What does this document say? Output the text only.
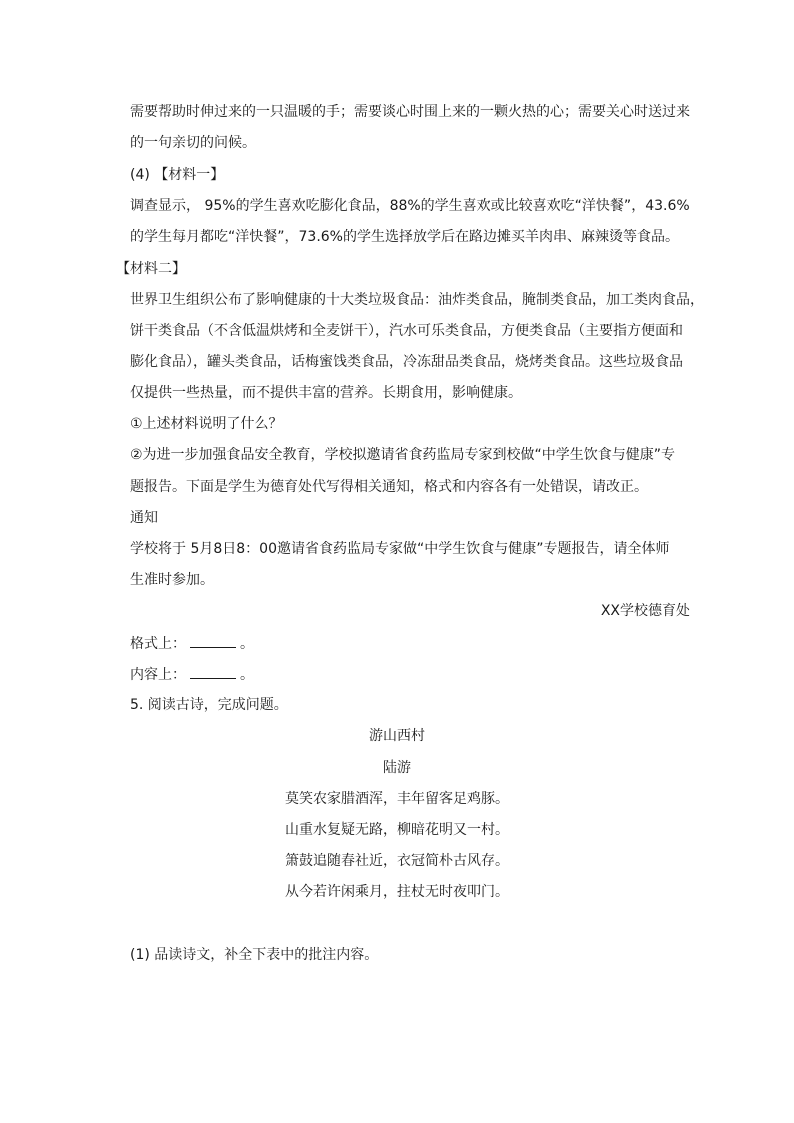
需要帮助时伸过来的一只温暖的手；需要谈心时围上来的一颗火热的心；需要关心时送过来
的一句亲切的问候。
(4) 【材料一】
调查显示， 95%的学生喜欢吃膨化食品，88%的学生喜欢或比较喜欢吃“洋快餐”，43.6%
的学生每月都吃“洋快餐”，73.6%的学生选择放学后在路边摊买羊肉串、麻辣烫等食品。
【材料二】
世界卫生组织公布了影响健康的十大类垃圾食品：油炸类食品，腌制类食品，加工类肉食品，
饼干类食品（不含低温烘烤和全麦饼干），汽水可乐类食品，方便类食品（主要指方便面和
膨化食品），罐头类食品，话梅蜜饯类食品，冷冻甜品类食品，烧烤类食品。这些垃圾食品
仅提供一些热量，而不提供丰富的营养。长期食用，影响健康。
①上述材料说明了什么？
②为进一步加强食品安全教育，学校拟邀请省食药监局专家到校做“中学生饮食与健康”专
题报告。下面是学生为德育处代写得相关通知，格式和内容各有一处错误，请改正。
通知
学校将于 5月8日8：00邀请省食药监局专家做“中学生饮食与健康”专题报告，请全体师
生准时参加。
XX学校德育处
格式上：	。
内容上：	。
5. 阅读古诗，完成问题。
游山西村
陆游
莫笑农家腊酒浑，丰年留客足鸡豚。
山重水复疑无路，柳暗花明又一村。
箫鼓追随春社近，衣冠简朴古风存。
从今若许闲乘月，拄杖无时夜叩门。
(1) 品读诗文，补全下表中的批注内容。
